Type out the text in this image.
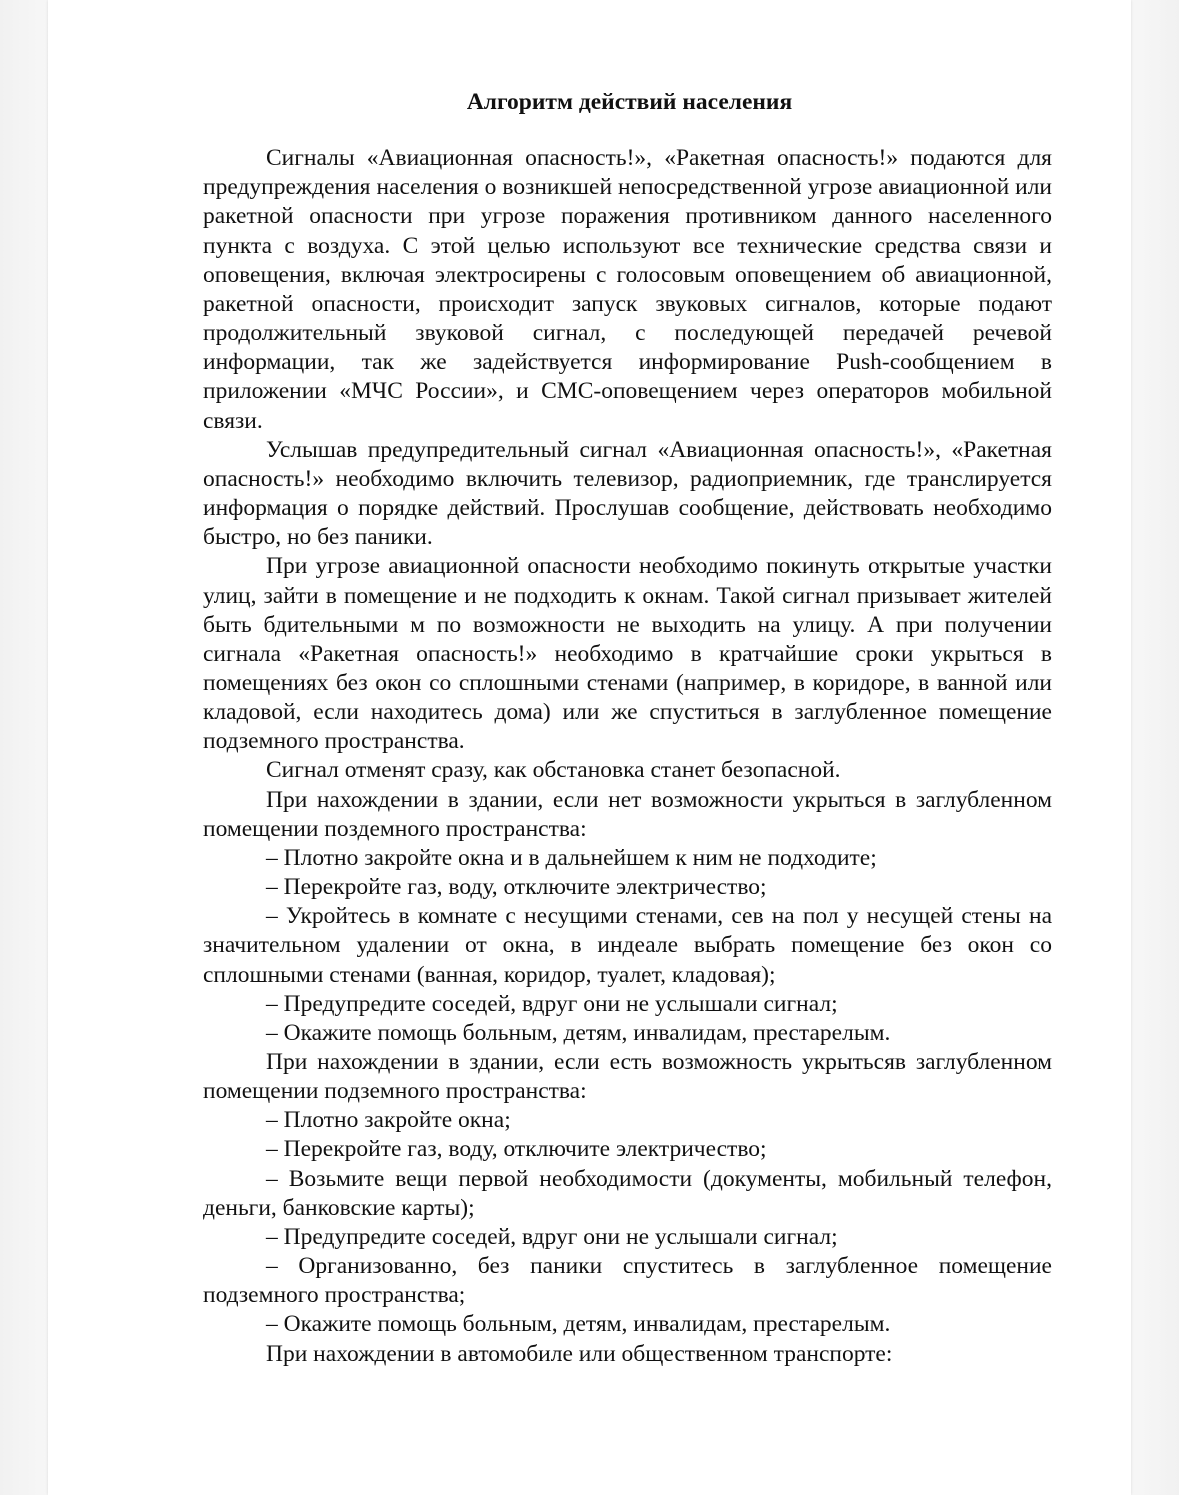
Алгоритм действий населения

Сигналы «Авиационная опасность!», «Ракетная опасность!» подаются для предупреждения населения о возникшей непосредственной угрозе авиационной или ракетной опасности при угрозе поражения противником данного населенного пункта с воздуха. С этой целью используют все технические средства связи и оповещения, включая электросирены с голосовым оповещением об авиационной, ракетной опасности, происходит запуск звуковых сигналов, которые подают продолжительный звуковой сигнал, с последующей передачей речевой информации, так же задействуется информирование Push-сообщением в приложении «МЧС России», и СМС-оповещением через операторов мобильной связи.

Услышав предупредительный сигнал «Авиационная опасность!», «Ракетная опасность!» необходимо включить телевизор, радиоприемник, где транслируется информация о порядке действий. Прослушав сообщение, действовать необходимо быстро, но без паники.

При угрозе авиационной опасности необходимо покинуть открытые участки улиц, зайти в помещение и не подходить к окнам. Такой сигнал призывает жителей быть бдительными м по возможности не выходить на улицу. А при получении сигнала «Ракетная опасность!» необходимо в кратчайшие сроки укрыться в помещениях без окон со сплошными стенами (например, в коридоре, в ванной или кладовой, если находитесь дома) или же спуститься в заглубленное помещение подземного пространства.

Сигнал отменят сразу, как обстановка станет безопасной.

При нахождении в здании, если нет возможности укрыться в заглубленном помещении поздемного пространства:

– Плотно закройте окна и в дальнейшем к ним не подходите;

– Перекройте газ, воду, отключите электричество;

– Укройтесь в комнате с несущими стенами, сев на пол у несущей стены на значительном удалении от окна, в индеале выбрать помещение без окон со сплошными стенами (ванная, коридор, туалет, кладовая);

– Предупредите соседей, вдруг они не услышали сигнал;

– Окажите помощь больным, детям, инвалидам, престарелым.

При нахождении в здании, если есть возможность укрытьсяв заглубленном помещении подземного пространства:

– Плотно закройте окна;

– Перекройте газ, воду, отключите электричество;

– Возьмите вещи первой необходимости (документы, мобильный телефон, деньги, банковские карты);

– Предупредите соседей, вдруг они не услышали сигнал;

– Организованно, без паники спуститесь в заглубленное помещение подземного пространства;

– Окажите помощь больным, детям, инвалидам, престарелым.

При нахождении в автомобиле или общественном транспорте:
